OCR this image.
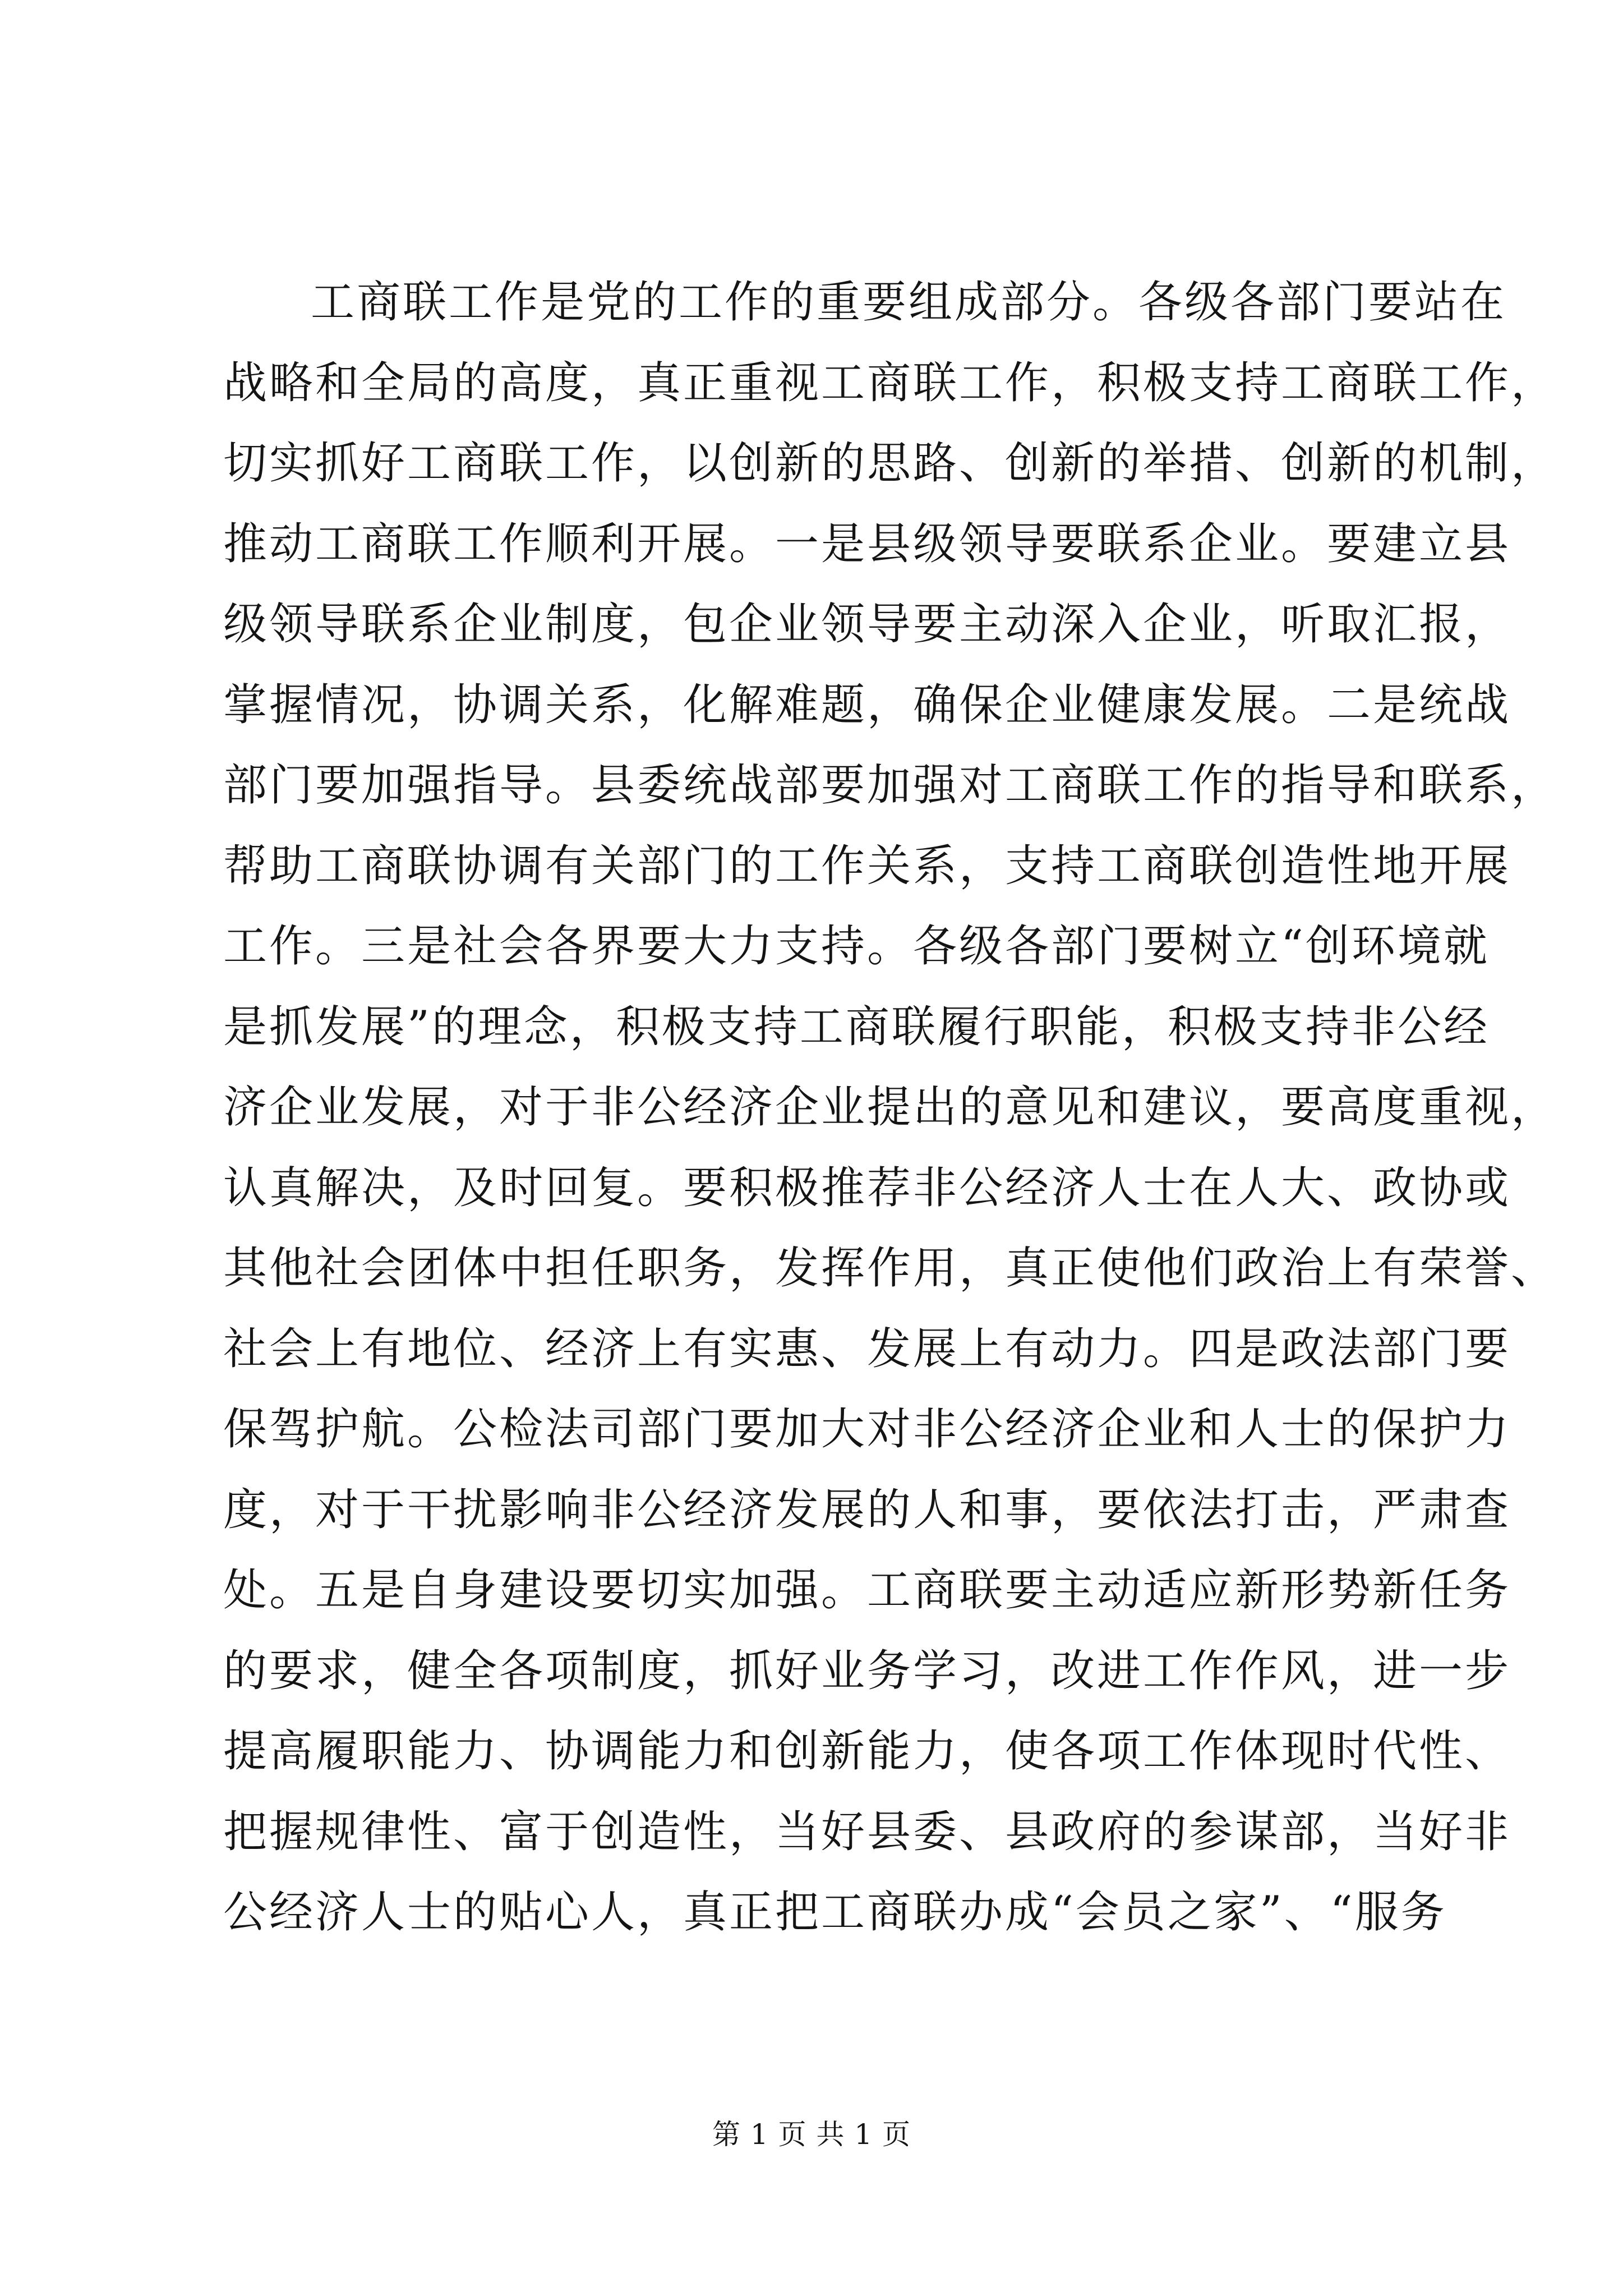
工商联工作是党的工作的重要组成部分。各级各部门要站在
战略和全局的高度，真正重视工商联工作，积极支持工商联工作，
切实抓好工商联工作，以创新的思路、创新的举措、创新的机制，
推动工商联工作顺利开展。一是县级领导要联系企业。要建立县
级领导联系企业制度，包企业领导要主动深入企业，听取汇报，
掌握情况，协调关系，化解难题，确保企业健康发展。二是统战
部门要加强指导。县委统战部要加强对工商联工作的指导和联系，
帮助工商联协调有关部门的工作关系，支持工商联创造性地开展
工作。三是社会各界要大力支持。各级各部门要树立“创环境就
是抓发展”的理念，积极支持工商联履行职能，积极支持非公经
济企业发展，对于非公经济企业提出的意见和建议，要高度重视，
认真解决，及时回复。要积极推荐非公经济人士在人大、政协或
其他社会团体中担任职务，发挥作用，真正使他们政治上有荣誉、
社会上有地位、经济上有实惠、发展上有动力。四是政法部门要
保驾护航。公检法司部门要加大对非公经济企业和人士的保护力
度，对于干扰影响非公经济发展的人和事，要依法打击，严肃查
处。五是自身建设要切实加强。工商联要主动适应新形势新任务
的要求，健全各项制度，抓好业务学习，改进工作作风，进一步
提高履职能力、协调能力和创新能力，使各项工作体现时代性、
把握规律性、富于创造性，当好县委、县政府的参谋部，当好非
公经济人士的贴心人，真正把工商联办成“会员之家”、“服务
第 1 页 共 1 页
